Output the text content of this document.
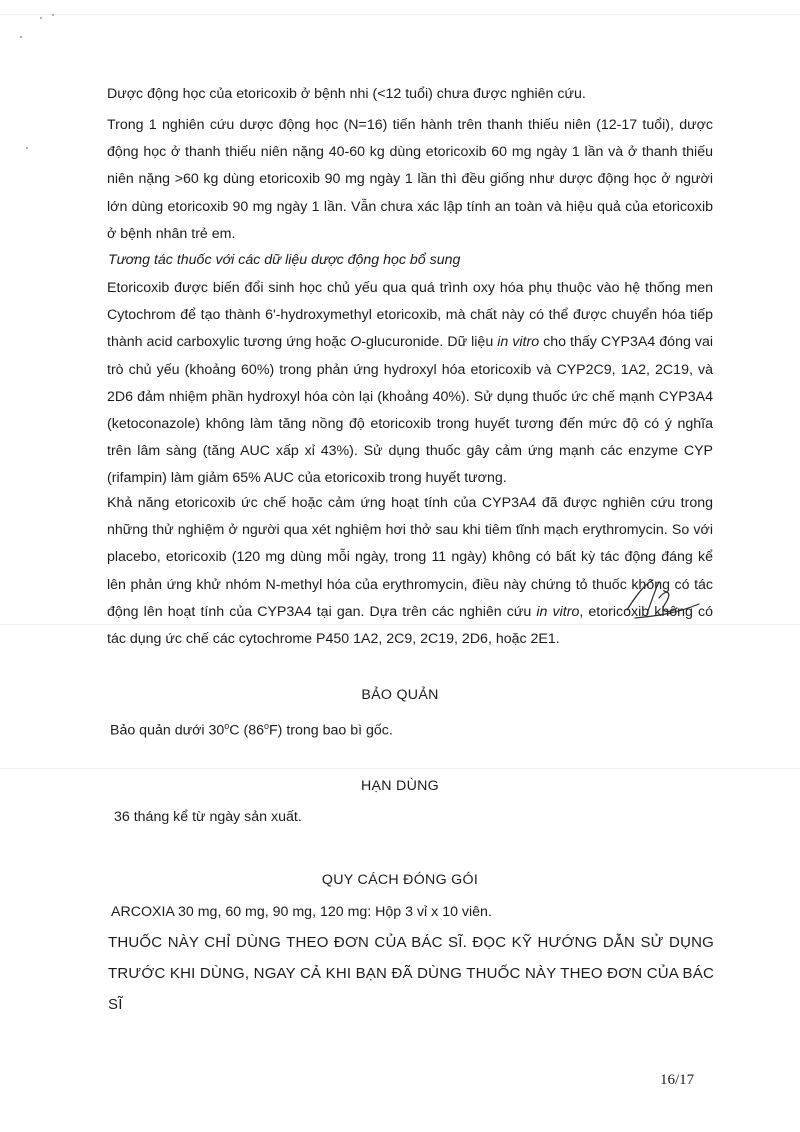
Dược động học của etoricoxib ở bệnh nhi (<12 tuổi) chưa được nghiên cứu.
Trong 1 nghiên cứu dược động học (N=16) tiến hành trên thanh thiếu niên (12-17 tuổi), dược động học ở thanh thiếu niên nặng 40-60 kg dùng etoricoxib 60 mg ngày 1 lần và ở thanh thiếu niên nặng >60 kg dùng etoricoxib 90 mg ngày 1 lần thì đều giống như dược động học ở người lớn dùng etoricoxib 90 mg ngày 1 lần. Vẫn chưa xác lập tính an toàn và hiệu quả của etoricoxib ở bệnh nhân trẻ em.
Tương tác thuốc với các dữ liệu dược động học bổ sung
Etoricoxib được biến đổi sinh học chủ yếu qua quá trình oxy hóa phụ thuộc vào hệ thống men Cytochrom để tạo thành 6'-hydroxymethyl etoricoxib, mà chất này có thể được chuyển hóa tiếp thành acid carboxylic tương ứng hoặc O-glucuronide. Dữ liệu in vitro cho thấy CYP3A4 đóng vai trò chủ yếu (khoảng 60%) trong phản ứng hydroxyl hóa etoricoxib và CYP2C9, 1A2, 2C19, và 2D6 đảm nhiệm phần hydroxyl hóa còn lại (khoảng 40%). Sử dụng thuốc ức chế mạnh CYP3A4 (ketoconazole) không làm tăng nồng độ etoricoxib trong huyết tương đến mức độ có ý nghĩa trên lâm sàng (tăng AUC xấp xỉ 43%). Sử dụng thuốc gây cảm ứng mạnh các enzyme CYP (rifampin) làm giảm 65% AUC của etoricoxib trong huyết tương.
Khả năng etoricoxib ức chế hoặc cảm ứng hoạt tính của CYP3A4 đã được nghiên cứu trong những thử nghiệm ở người qua xét nghiệm hơi thở sau khi tiêm tĩnh mạch erythromycin. So với placebo, etoricoxib (120 mg dùng mỗi ngày, trong 11 ngày) không có bất kỳ tác động đáng kể lên phản ứng khử nhóm N-methyl hóa của erythromycin, điều này chứng tỏ thuốc không có tác động lên hoạt tính của CYP3A4 tại gan. Dựa trên các nghiên cứu in vitro, etoricoxib không có tác dụng ức chế các cytochrome P450 1A2, 2C9, 2C19, 2D6, hoặc 2E1.
BẢO QUẢN
Bảo quản dưới 30$^o$C (86$^o$F) trong bao bì gốc.
HẠN DÙNG
36 tháng kể từ ngày sản xuất.
QUY CÁCH ĐÓNG GÓI
ARCOXIA 30 mg, 60 mg, 90 mg, 120 mg: Hộp 3 vỉ x 10 viên.
THUỐC NÀY CHỈ DÙNG THEO ĐƠN CỦA BÁC SĨ. ĐỌC KỸ HƯỚNG DẪN SỬ DỤNG TRƯỚC KHI DÙNG, NGAY CẢ KHI BẠN ĐÃ DÙNG THUỐC NÀY THEO ĐƠN CỦA BÁC SĨ
16/17
